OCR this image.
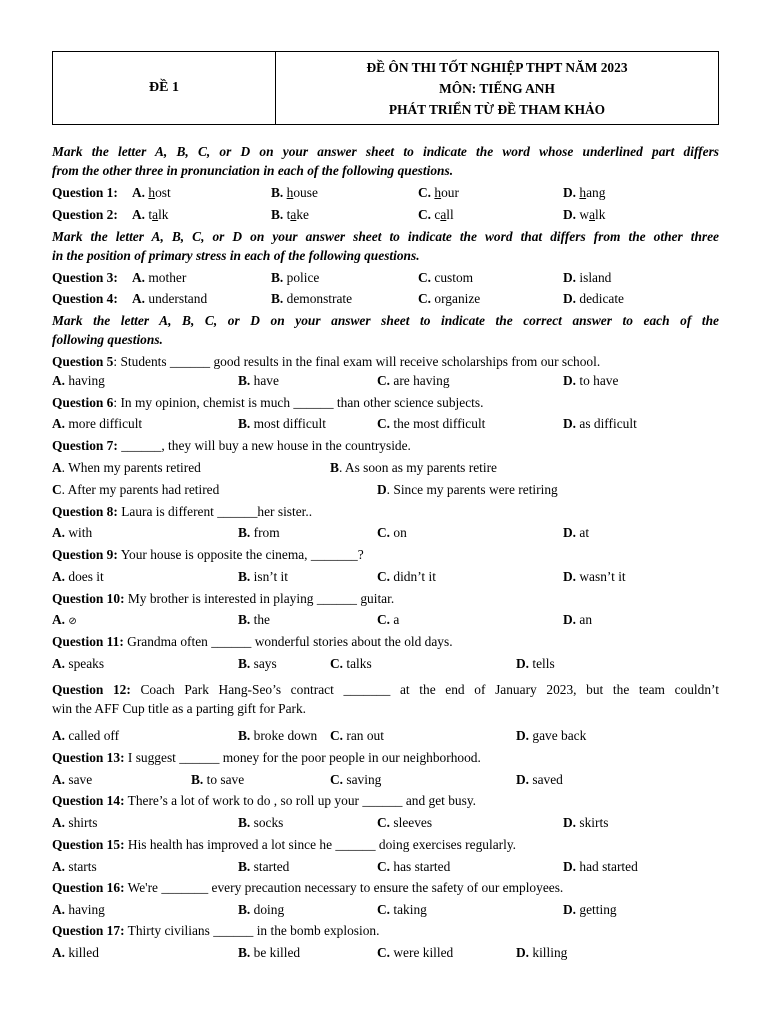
ĐỀ 1
ĐỀ ÔN THI TỐT NGHIỆP THPT NĂM 2023
MÔN: TIẾNG ANH
PHÁT TRIỂN TỪ ĐỀ THAM KHẢO
Mark the letter A, B, C, or D on your answer sheet to indicate the word whose underlined part differs
from the other three in pronunciation in each of the following questions.
Question 1: A. host	B. house	C. hour	D. hang
Question 2: A. talk	B. take	C. call	D. walk
Mark the letter A, B, C, or D on your answer sheet to indicate the word that differs from the other three
in the position of primary stress in each of the following questions.
Question 3: A. mother	B. police	C. custom	D. island
Question 4: A. understand	B. demonstrate	C. organize	D. dedicate
Mark the letter A, B, C, or D on your answer sheet to indicate the correct answer to each of the
following questions.
Question 5: Students ______ good results in the final exam will receive scholarships from our school.
A. having	B. have	C. are having	D. to have
Question 6: In my opinion, chemist is much ______ than other science subjects.
A. more difficult	B. most difficult	C. the most difficult	D. as difficult
Question 7: ______, they will buy a new house in the countryside.
A. When my parents retired	B. As soon as my parents retire
C. After my parents had retired	D. Since my parents were retiring
Question 8: Laura is different ______her sister..
A. with	B. from	C. on	D. at
Question 9: Your house is opposite the cinema, _______?
A. does it	B. isn’t it	C. didn’t it	D. wasn’t it
Question 10: My brother is interested in playing ______ guitar.
A. ⊘	B. the	C. a	D. an
Question 11: Grandma often ______ wonderful stories about the old days.
A. speaks	B. says	C. talks	D. tells
Question 12: Coach Park Hang-Seo’s contract _______ at the end of January 2023, but the team couldn’t
win the AFF Cup title as a parting gift for Park.
A. called off	B. broke down C. ran out	D. gave back
Question 13: I suggest ______ money for the poor people in our neighborhood.
A. save	B. to save	C. saving	D. saved
Question 14: There’s a lot of work to do , so roll up your ______ and get busy.
A. shirts	B. socks	C. sleeves	D. skirts
Question 15: His health has improved a lot since he ______ doing exercises regularly.
A. starts	B. started	C. has started	D. had started
Question 16: We're _______ every precaution necessary to ensure the safety of our employees.
A. having	B. doing	C. taking	D. getting
Question 17: Thirty civilians ______ in the bomb explosion.
A. killed	B. be killed	C. were killed	D. killing
